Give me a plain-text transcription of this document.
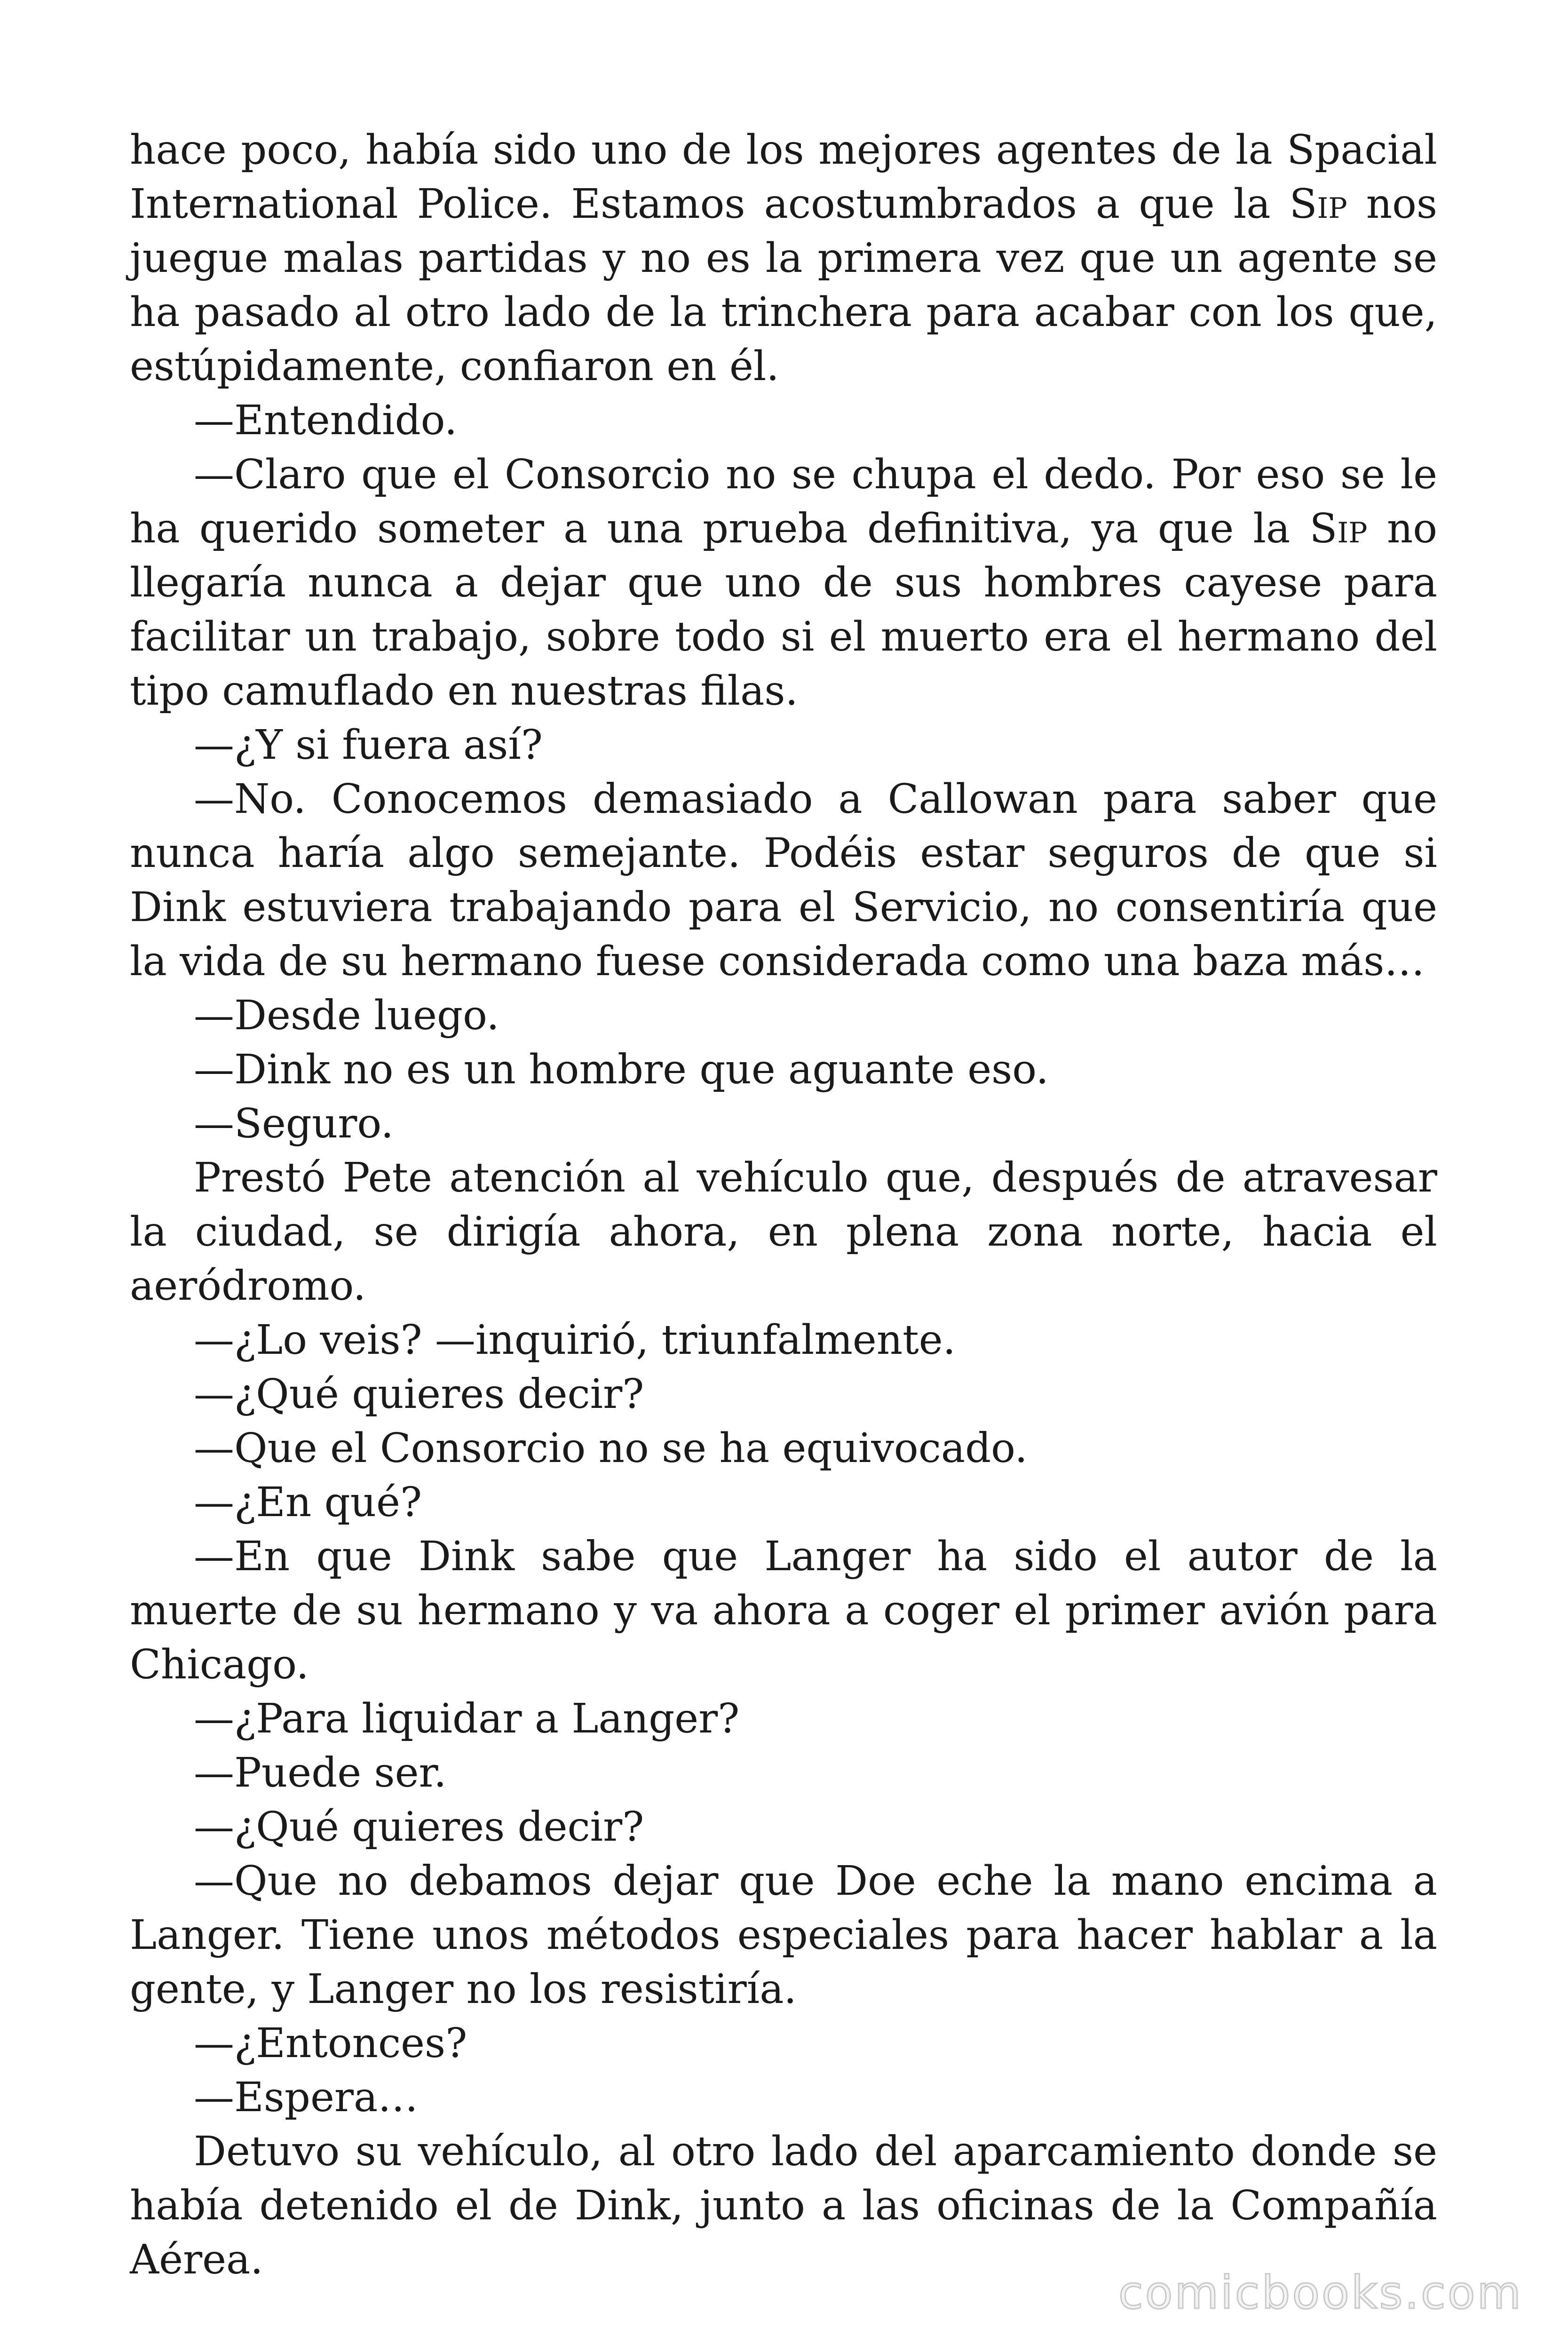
hace poco, había sido uno de los mejores agentes de la Spacial International Police. Estamos acostumbrados a que la Sip nos juegue malas partidas y no es la primera vez que un agente se ha pasado al otro lado de la trinchera para acabar con los que, estúpidamente, confiaron en él.

—Entendido.

—Claro que el Consorcio no se chupa el dedo. Por eso se le ha querido someter a una prueba definitiva, ya que la Sip no llegaría nunca a dejar que uno de sus hombres cayese para facilitar un trabajo, sobre todo si el muerto era el hermano del tipo camuflado en nuestras filas.

—¿Y si fuera así?

—No. Conocemos demasiado a Callowan para saber que nunca haría algo semejante. Podéis estar seguros de que si Dink estuviera trabajando para el Servicio, no consentiría que la vida de su hermano fuese considerada como una baza más…

—Desde luego.

—Dink no es un hombre que aguante eso.

—Seguro.

Prestó Pete atención al vehículo que, después de atravesar la ciudad, se dirigía ahora, en plena zona norte, hacia el aeródromo.

—¿Lo veis? —inquirió, triunfalmente.

—¿Qué quieres decir?

—Que el Consorcio no se ha equivocado.

—¿En qué?

—En que Dink sabe que Langer ha sido el autor de la muerte de su hermano y va ahora a coger el primer avión para Chicago.

—¿Para liquidar a Langer?

—Puede ser.

—¿Qué quieres decir?

—Que no debamos dejar que Doe eche la mano encima a Langer. Tiene unos métodos especiales para hacer hablar a la gente, y Langer no los resistiría.

—¿Entonces?

—Espera…

Detuvo su vehículo, al otro lado del aparcamiento donde se había detenido el de Dink, junto a las oficinas de la Compañía Aérea.

comicbooks.com
